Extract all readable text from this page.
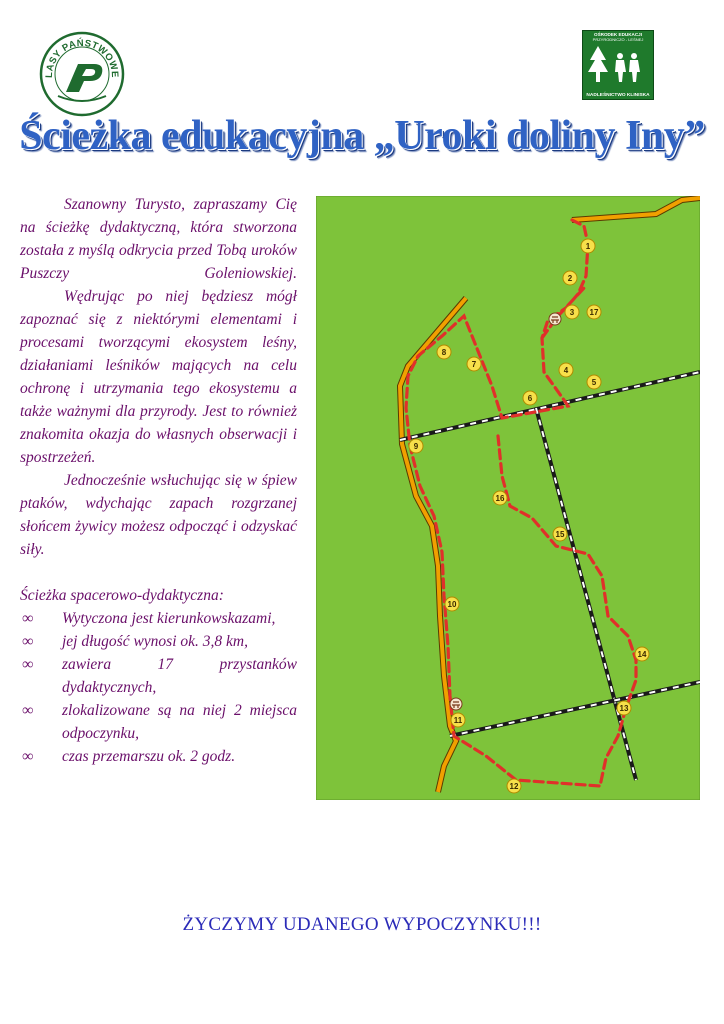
LASY PAŃSTWOWE
OŚRODEK EDUKACJI
PRZYRODNICZO - LEŚNEJ
NADLEŚNICTWO KLINISKA
Ścieżka edukacyjna „Uroki doliny Iny”

Szanowny Turysto, zapraszamy Cię na ścieżkę dydaktyczną, która stworzona została z myślą odkrycia przed Tobą uroków Puszczy Goleniowskiej.

Wędrując po niej będziesz mógł zapoznać się z niektórymi elementami i procesami tworzącymi ekosystem leśny, działaniami leśników mających na celu ochronę i utrzymania tego ekosystemu a także ważnymi dla przyrody. Jest to również znakomita okazja do własnych obserwacji i spostrzeżeń.

Jednocześnie wsłuchując się w śpiew ptaków, wdychając zapach rozgrzanej słońcem żywicy możesz odpocząć i odzyskać siły.

Ścieżka spacerowo-dydaktyczna:

∞ Wytyczona jest kierunkowskazami,
∞ jej długość wynosi ok. 3,8 km,
∞ zawiera 17 przystanków dydaktycznych,
∞ zlokalizowane są na niej 2 miejsca odpoczynku,
∞ czas przemarszu ok. 2 godz.
1
2
3
4
5
6
7
8
9
10
11
12
13
14
15
16
17
ŻYCZYMY UDANEGO WYPOCZYNKU!!!
